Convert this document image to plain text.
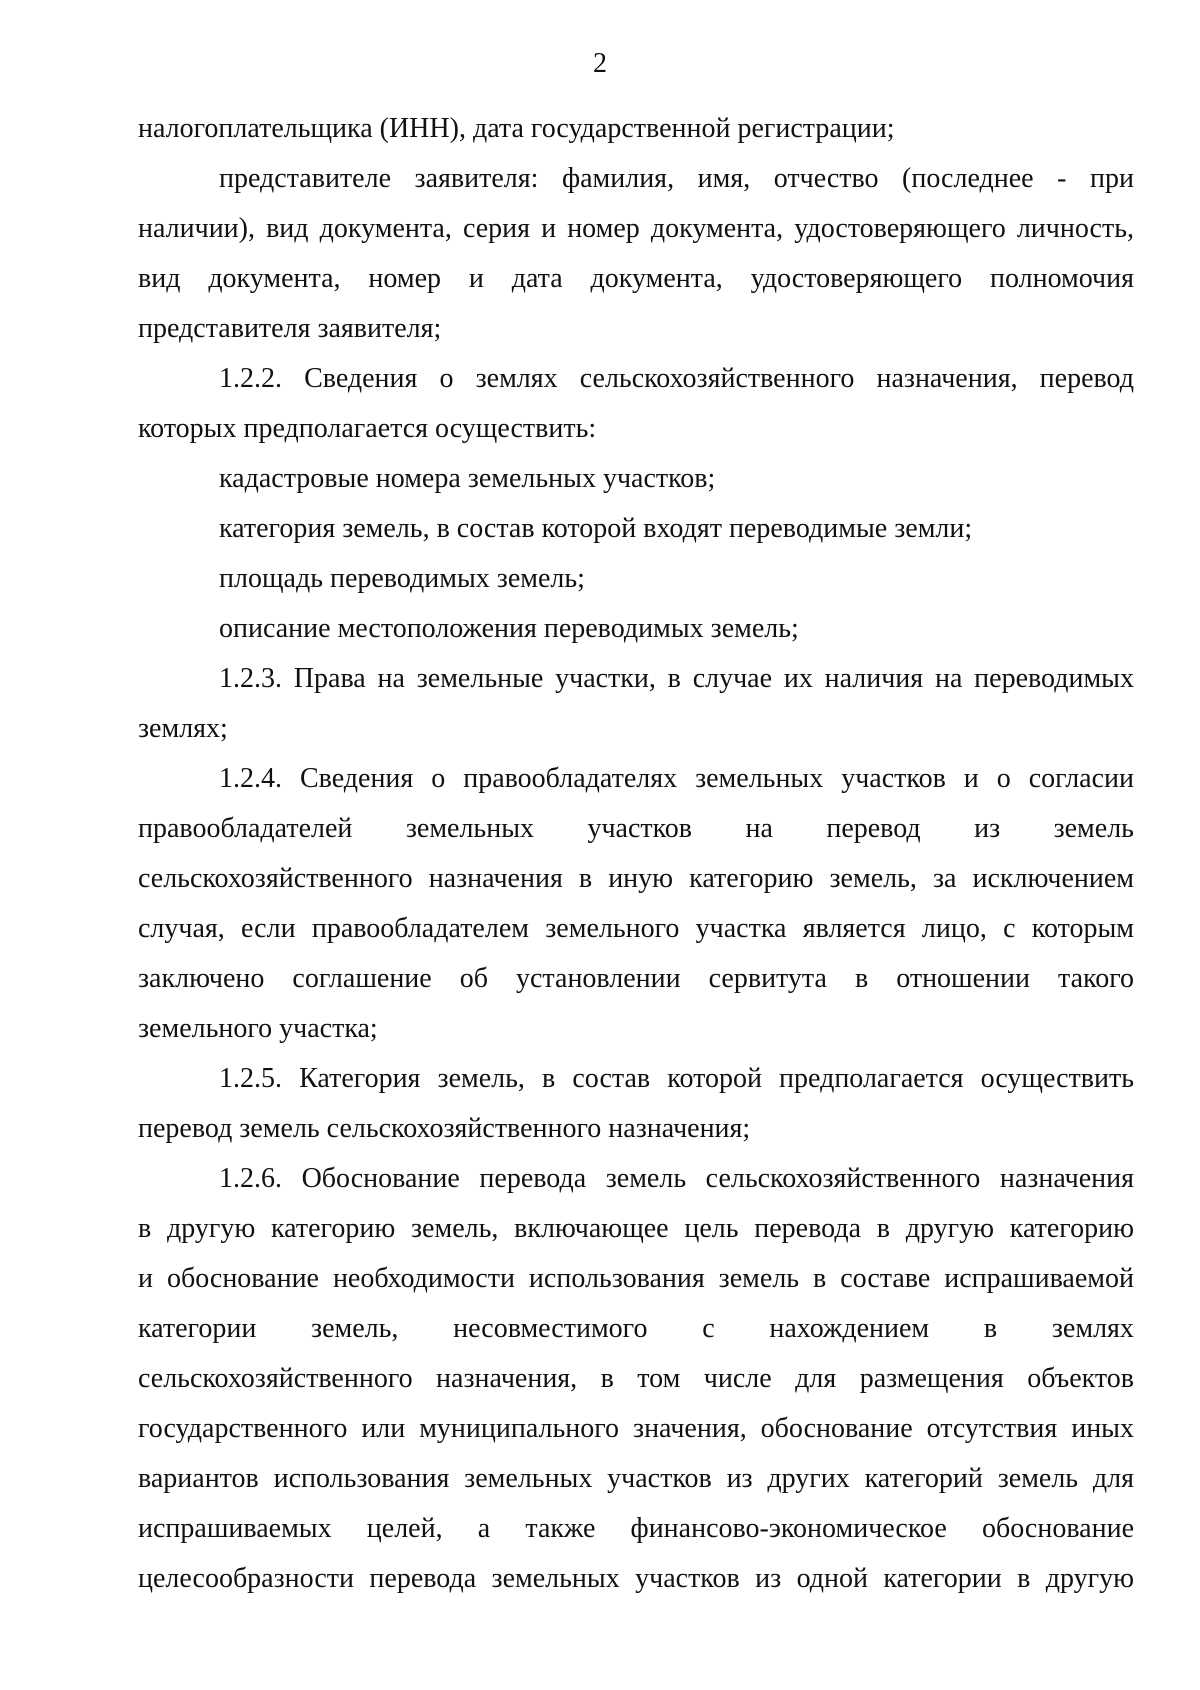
2

налогоплательщика (ИНН), дата государственной регистрации;

представителе заявителя: фамилия, имя, отчество (последнее - при
наличии), вид документа, серия и номер документа, удостоверяющего личность,
вид документа, номер и дата документа, удостоверяющего полномочия
представителя заявителя;

1.2.2. Сведения о землях сельскохозяйственного назначения, перевод
которых предполагается осуществить:

кадастровые номера земельных участков;

категория земель, в состав которой входят переводимые земли;

площадь переводимых земель;

описание местоположения переводимых земель;

1.2.3. Права на земельные участки, в случае их наличия на переводимых
землях;

1.2.4. Сведения о правообладателях земельных участков и о согласии
правообладателей земельных участков на перевод из земель
сельскохозяйственного назначения в иную категорию земель, за исключением
случая, если правообладателем земельного участка является лицо, с которым
заключено соглашение об установлении сервитута в отношении такого
земельного участка;

1.2.5. Категория земель, в состав которой предполагается осуществить
перевод земель сельскохозяйственного назначения;

1.2.6. Обоснование перевода земель сельскохозяйственного назначения
в другую категорию земель, включающее цель перевода в другую категорию
и обоснование необходимости использования земель в составе испрашиваемой
категории земель, несовместимого с нахождением в землях
сельскохозяйственного назначения, в том числе для размещения объектов
государственного или муниципального значения, обоснование отсутствия иных
вариантов использования земельных участков из других категорий земель для
испрашиваемых целей, а также финансово-экономическое обоснование
целесообразности перевода земельных участков из одной категории в другую
